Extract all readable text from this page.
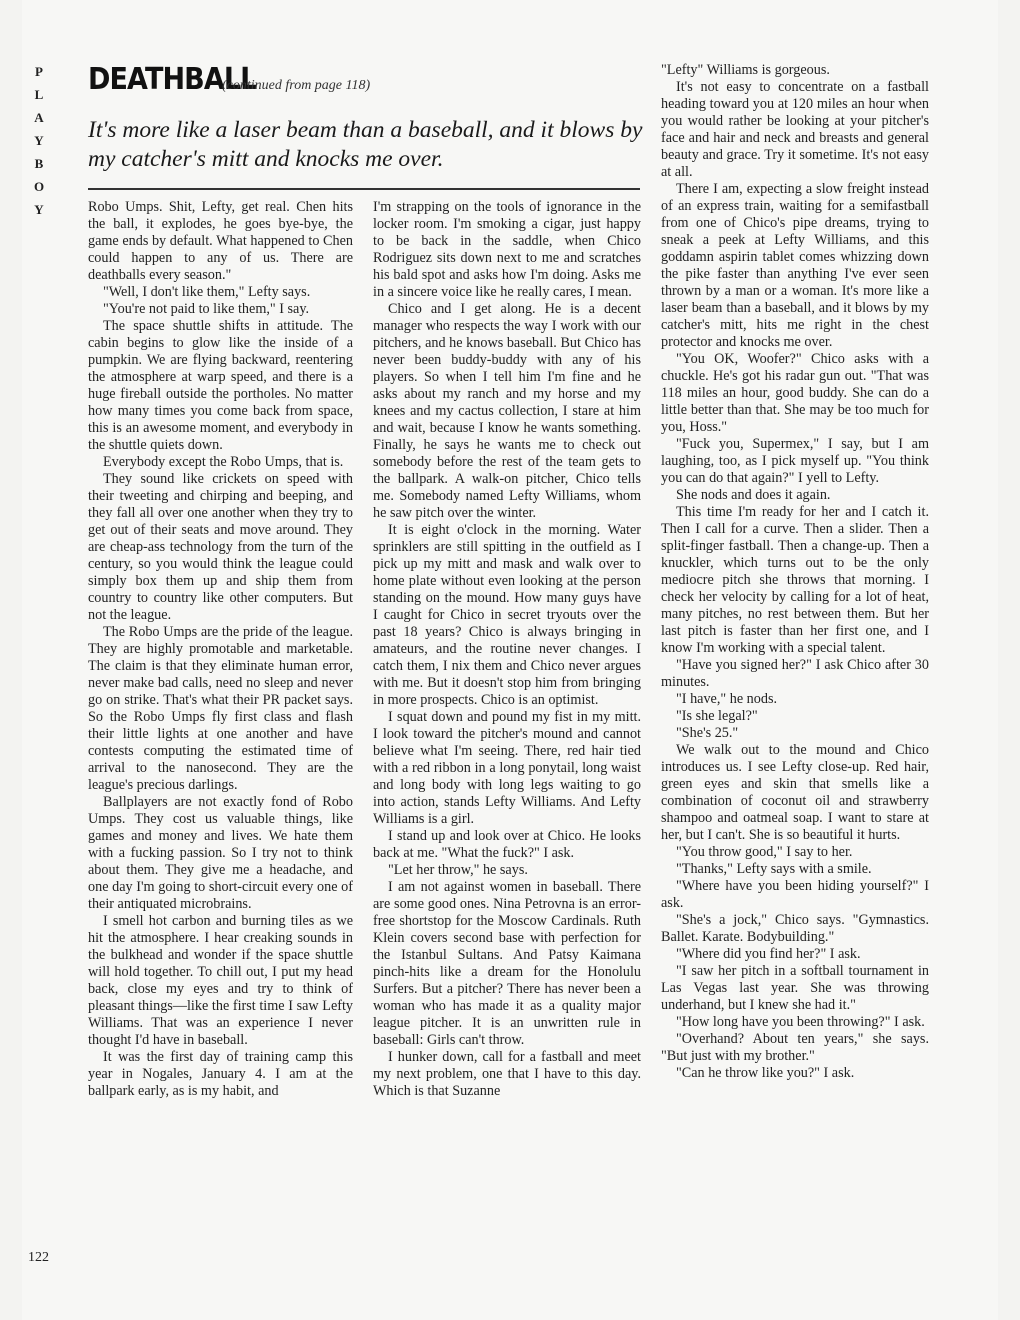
P
L
A
Y
B
O
Y
122
DEATHBALL
(continued from page 118)
It's more like a laser beam than a baseball, and it blows by my catcher's mitt and knocks me over.

Robo Umps. Shit, Lefty, get real. Chen hits the ball, it explodes, he goes bye-bye, the game ends by default. What happened to Chen could happen to any of us. There are deathballs every season."

"Well, I don't like them," Lefty says.

"You're not paid to like them," I say.

The space shuttle shifts in attitude. The cabin begins to glow like the inside of a pumpkin. We are flying backward, reentering the atmosphere at warp speed, and there is a huge fireball outside the portholes. No matter how many times you come back from space, this is an awesome moment, and everybody in the shuttle quiets down.

Everybody except the Robo Umps, that is.

They sound like crickets on speed with their tweeting and chirping and beeping, and they fall all over one another when they try to get out of their seats and move around. They are cheap-ass technology from the turn of the century, so you would think the league could simply box them up and ship them from country to country like other computers. But not the league.

The Robo Umps are the pride of the league. They are highly promotable and marketable. The claim is that they eliminate human error, never make bad calls, need no sleep and never go on strike. That's what their PR packet says. So the Robo Umps fly first class and flash their little lights at one another and have contests computing the estimated time of arrival to the nanosecond. They are the league's precious darlings.

Ballplayers are not exactly fond of Robo Umps. They cost us valuable things, like games and money and lives. We hate them with a fucking passion. So I try not to think about them. They give me a headache, and one day I'm going to short-circuit every one of their antiquated microbrains.

I smell hot carbon and burning tiles as we hit the atmosphere. I hear creaking sounds in the bulkhead and wonder if the space shuttle will hold together. To chill out, I put my head back, close my eyes and try to think of pleasant things—like the first time I saw Lefty Williams. That was an experience I never thought I'd have in baseball.

It was the first day of training camp this year in Nogales, January 4. I am at the ballpark early, as is my habit, and

I'm strapping on the tools of ignorance in the locker room. I'm smoking a cigar, just happy to be back in the saddle, when Chico Rodriguez sits down next to me and scratches his bald spot and asks how I'm doing. Asks me in a sincere voice like he really cares, I mean.

Chico and I get along. He is a decent manager who respects the way I work with our pitchers, and he knows baseball. But Chico has never been buddy-buddy with any of his players. So when I tell him I'm fine and he asks about my ranch and my horse and my knees and my cactus collection, I stare at him and wait, because I know he wants something. Finally, he says he wants me to check out somebody before the rest of the team gets to the ballpark. A walk-on pitcher, Chico tells me. Somebody named Lefty Williams, whom he saw pitch over the winter.

It is eight o'clock in the morning. Water sprinklers are still spitting in the outfield as I pick up my mitt and mask and walk over to home plate without even looking at the person standing on the mound. How many guys have I caught for Chico in secret tryouts over the past 18 years? Chico is always bringing in amateurs, and the routine never changes. I catch them, I nix them and Chico never argues with me. But it doesn't stop him from bringing in more prospects. Chico is an optimist.

I squat down and pound my fist in my mitt. I look toward the pitcher's mound and cannot believe what I'm seeing. There, red hair tied with a red ribbon in a long ponytail, long waist and long body with long legs waiting to go into action, stands Lefty Williams. And Lefty Williams is a girl.

I stand up and look over at Chico. He looks back at me. "What the fuck?" I ask.

"Let her throw," he says.

I am not against women in baseball. There are some good ones. Nina Petrovna is an error-free shortstop for the Moscow Cardinals. Ruth Klein covers second base with perfection for the Istanbul Sultans. And Patsy Kaimana pinch-hits like a dream for the Honolulu Surfers. But a pitcher? There has never been a woman who has made it as a quality major league pitcher. It is an unwritten rule in baseball: Girls can't throw.

I hunker down, call for a fastball and meet my next problem, one that I have to this day. Which is that Suzanne

"Lefty" Williams is gorgeous.

It's not easy to concentrate on a fastball heading toward you at 120 miles an hour when you would rather be looking at your pitcher's face and hair and neck and breasts and general beauty and grace. Try it sometime. It's not easy at all.

There I am, expecting a slow freight instead of an express train, waiting for a semifastball from one of Chico's pipe dreams, trying to sneak a peek at Lefty Williams, and this goddamn aspirin tablet comes whizzing down the pike faster than anything I've ever seen thrown by a man or a woman. It's more like a laser beam than a baseball, and it blows by my catcher's mitt, hits me right in the chest protector and knocks me over.

"You OK, Woofer?" Chico asks with a chuckle. He's got his radar gun out. "That was 118 miles an hour, good buddy. She can do a little better than that. She may be too much for you, Hoss."

"Fuck you, Supermex," I say, but I am laughing, too, as I pick myself up. "You think you can do that again?" I yell to Lefty.

She nods and does it again.

This time I'm ready for her and I catch it. Then I call for a curve. Then a slider. Then a split-finger fastball. Then a change-up. Then a knuckler, which turns out to be the only mediocre pitch she throws that morning. I check her velocity by calling for a lot of heat, many pitches, no rest between them. But her last pitch is faster than her first one, and I know I'm working with a special talent.

"Have you signed her?" I ask Chico after 30 minutes.

"I have," he nods.

"Is she legal?"

"She's 25."

We walk out to the mound and Chico introduces us. I see Lefty close-up. Red hair, green eyes and skin that smells like a combination of coconut oil and strawberry shampoo and oatmeal soap. I want to stare at her, but I can't. She is so beautiful it hurts.

"You throw good," I say to her.

"Thanks," Lefty says with a smile.

"Where have you been hiding yourself?" I ask.

"She's a jock," Chico says. "Gymnastics. Ballet. Karate. Bodybuilding."

"Where did you find her?" I ask.

"I saw her pitch in a softball tournament in Las Vegas last year. She was throwing underhand, but I knew she had it."

"How long have you been throwing?" I ask.

"Overhand? About ten years," she says. "But just with my brother."

"Can he throw like you?" I ask.
